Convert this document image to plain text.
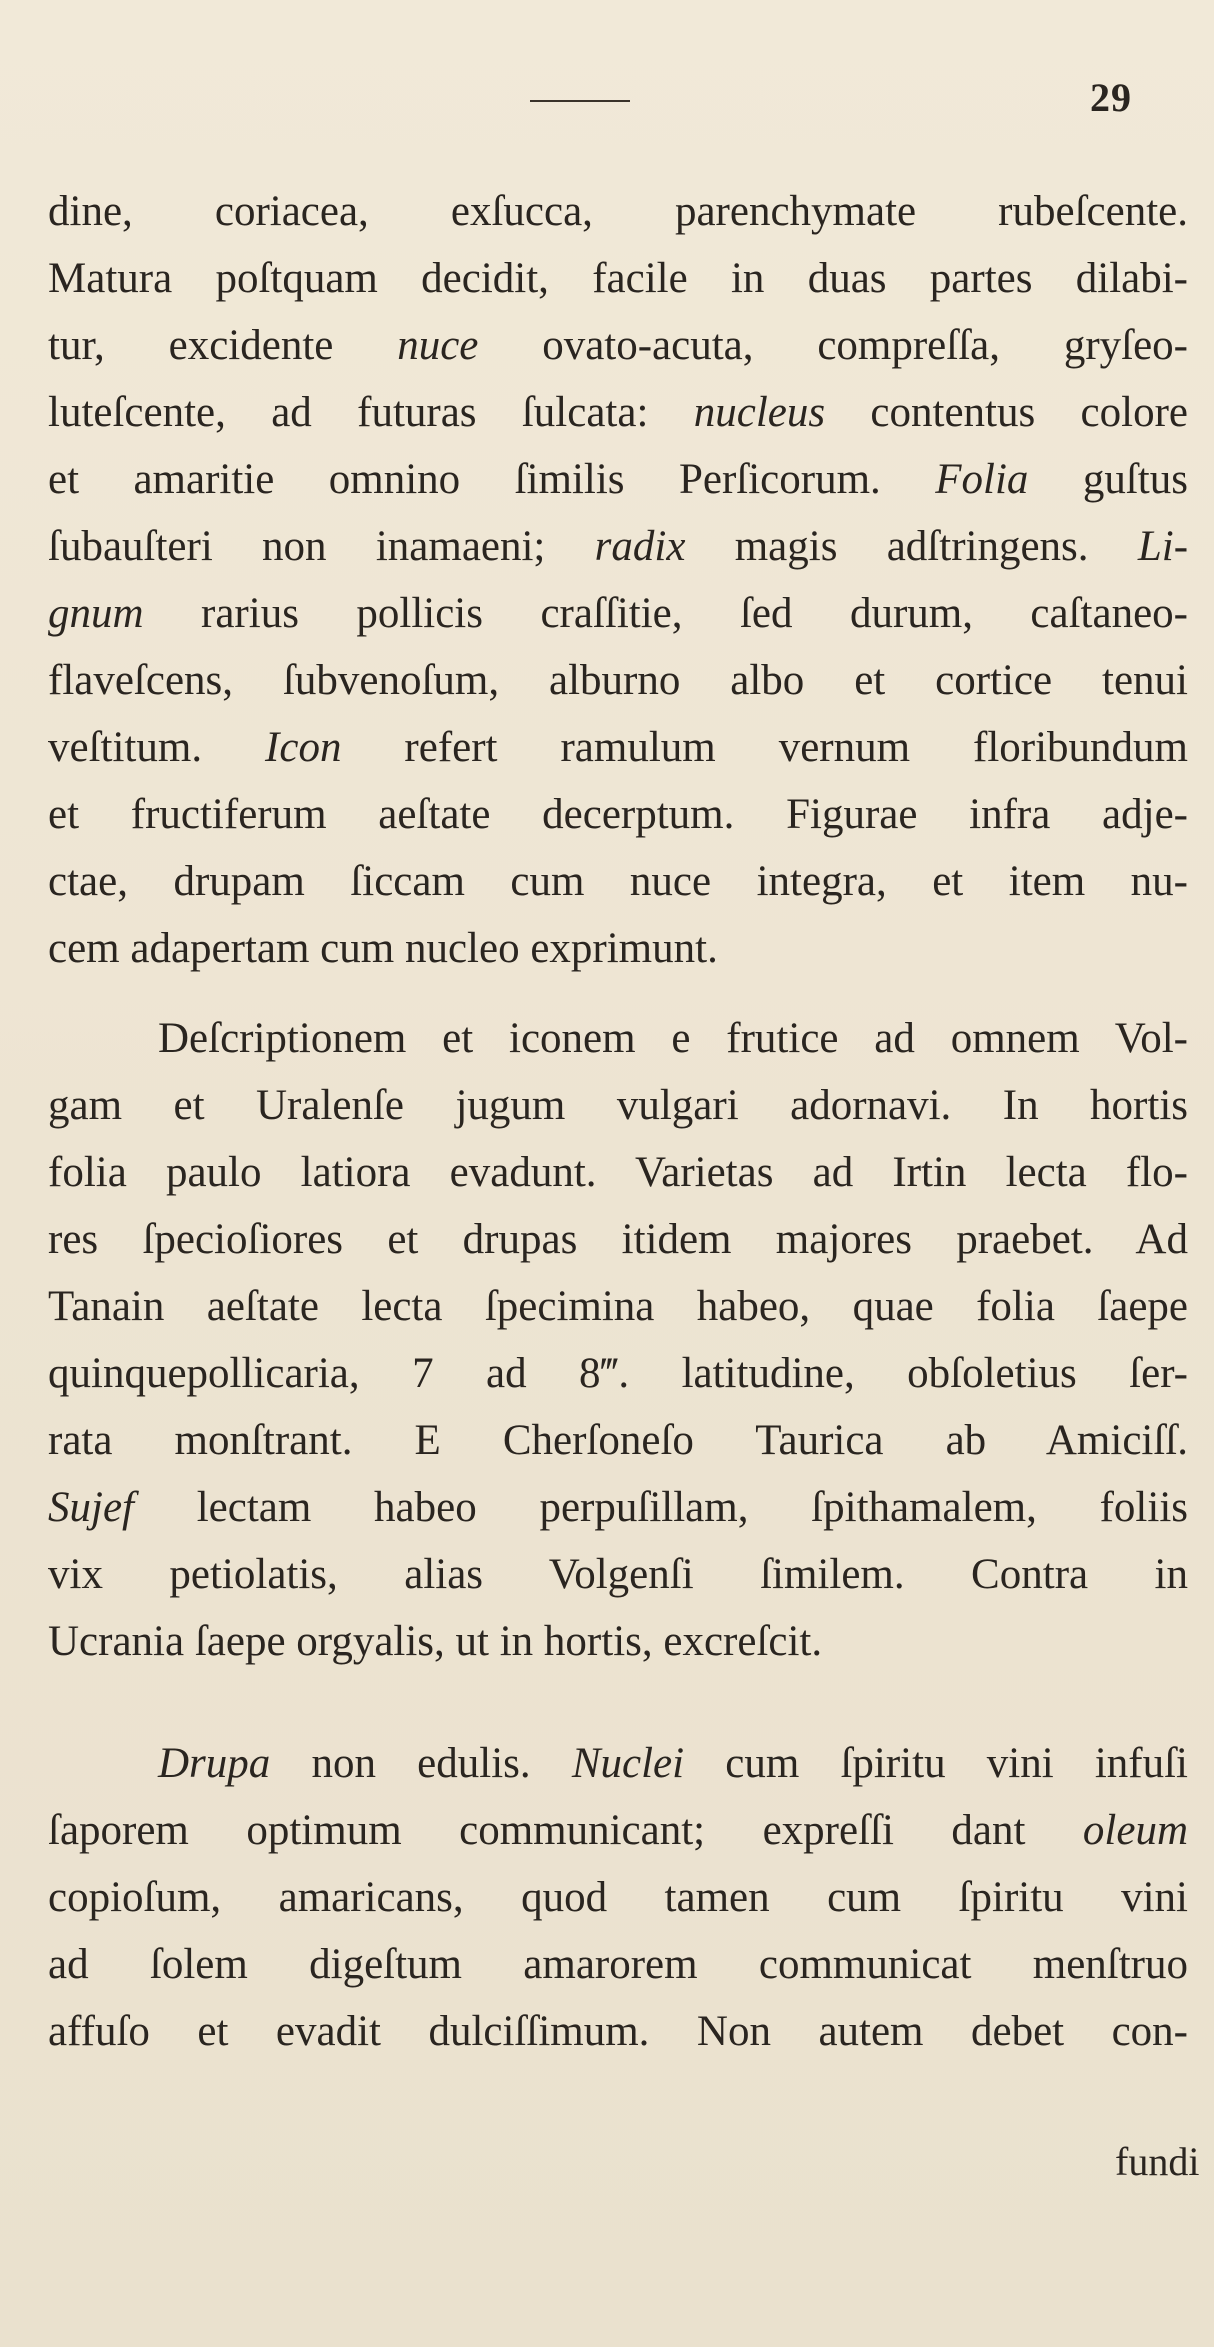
29
dine, coriacea, exſucca, parenchymate rubeſcente.
Matura poſtquam decidit, facile in duas partes dilabi-
tur, excidente nuce ovato-acuta, compreſſa, gryſeo-
luteſcente, ad futuras ſulcata: nucleus contentus colore
et amaritie omnino ſimilis Perſicorum. Folia guſtus
ſubauſteri non inamaeni; radix magis adſtringens. Li-
gnum rarius pollicis craſſitie, ſed durum, caſtaneo-
flaveſcens, ſubvenoſum, alburno albo et cortice tenui
veſtitum. Icon refert ramulum vernum floribundum
et fructiferum aeſtate decerptum. Figurae infra adje-
ctae, drupam ſiccam cum nuce integra, et item nu-
cem adapertam cum nucleo exprimunt.
Deſcriptionem et iconem e frutice ad omnem Vol-
gam et Uralenſe jugum vulgari adornavi. In hortis
folia paulo latiora evadunt. Varietas ad Irtin lecta flo-
res ſpecioſiores et drupas itidem majores praebet. Ad
Tanain aeſtate lecta ſpecimina habeo, quae folia ſaepe
quinquepollicaria, 7 ad 8‴. latitudine, obſoletius ſer-
rata monſtrant. E Cherſoneſo Taurica ab Amiciſſ.
Sujef lectam habeo perpuſillam, ſpithamalem, foliis
vix petiolatis, alias Volgenſi ſimilem. Contra in
Ucrania ſaepe orgyalis, ut in hortis, excreſcit.
Drupa non edulis. Nuclei cum ſpiritu vini infuſi
ſaporem optimum communicant; expreſſi dant oleum
copioſum, amaricans, quod tamen cum ſpiritu vini
ad ſolem digeſtum amarorem communicat menſtruo
affuſo et evadit dulciſſimum. Non autem debet con-
fundi
